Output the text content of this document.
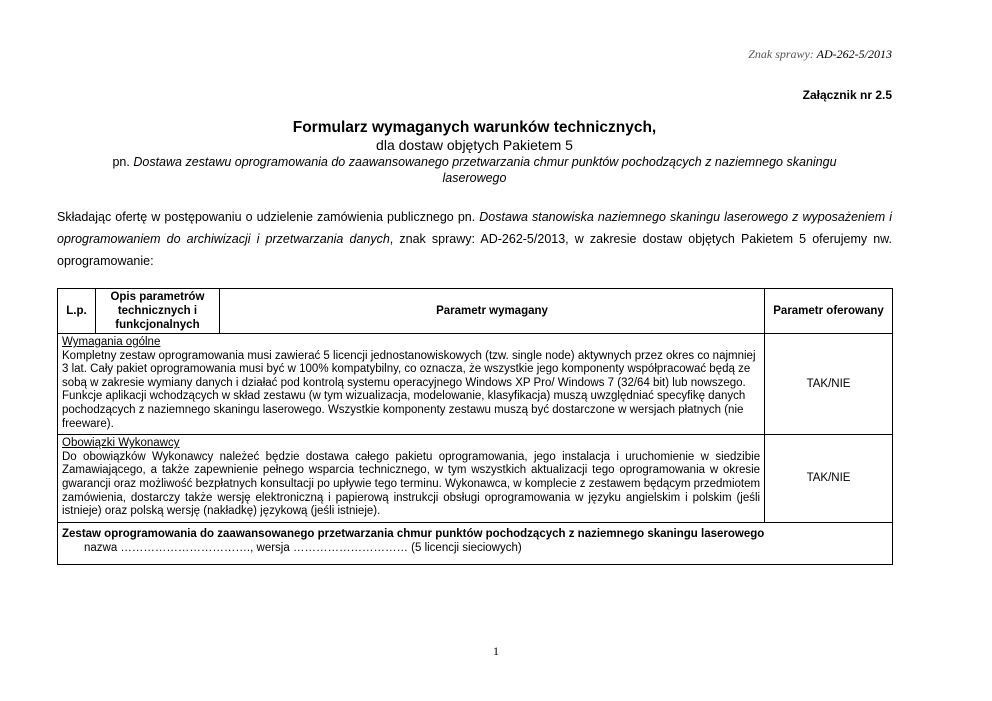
Znak sprawy: AD-262-5/2013
Załącznik nr 2.5
Formularz wymaganych warunków technicznych,
dla dostaw objętych Pakietem 5
pn. Dostawa zestawu oprogramowania do zaawansowanego przetwarzania chmur punktów pochodzących z naziemnego skaningu laserowego
Składając ofertę w postępowaniu o udzielenie zamówienia publicznego pn. Dostawa stanowiska naziemnego skaningu laserowego z wyposażeniem i oprogramowaniem do archiwizacji i przetwarzania danych, znak sprawy: AD-262-5/2013, w zakresie dostaw objętych Pakietem 5 oferujemy nw. oprogramowanie:
L.p.	Opis parametrów technicznych i funkcjonalnych	Parametr wymagany	Parametr oferowany

Wymagania ogólne
Kompletny zestaw oprogramowania musi zawierać 5 licencji jednostanowiskowych (tzw. single node) aktywnych przez okres co najmniej 3 lat. Cały pakiet oprogramowania musi być w 100% kompatybilny, co oznacza, że wszystkie jego komponenty współpracować będą ze sobą w zakresie wymiany danych i działać pod kontrolą systemu operacyjnego Windows XP Pro/ Windows 7 (32/64 bit) lub nowszego. Funkcje aplikacji wchodzących w skład zestawu (w tym wizualizacja, modelowanie, klasyfikacja) muszą uwzględniać specyfikę danych pochodzących z naziemnego skaningu laserowego. Wszystkie komponenty zestawu muszą być dostarczone w wersjach płatnych (nie freeware).			TAK/NIE

Obowiązki Wykonawcy
Do obowiązków Wykonawcy należeć będzie dostawa całego pakietu oprogramowania, jego instalacja i uruchomienie w siedzibie Zamawiającego, a także zapewnienie pełnego wsparcia technicznego, w tym wszystkich aktualizacji tego oprogramowania w okresie gwarancji oraz możliwość bezpłatnych konsultacji po upływie tego terminu. Wykonawca, w komplecie z zestawem będącym przedmiotem zamówienia, dostarczy także wersję elektroniczną i papierową instrukcji obsługi oprogramowania w języku angielskim i polskim (jeśli istnieje) oraz polską wersję (nakładkę) językową (jeśli istnieje).			TAK/NIE

Zestaw oprogramowania do zaawansowanego przetwarzania chmur punktów pochodzących z naziemnego skaningu laserowego
nazwa ……………………………., wersja ………………………… (5 licencji sieciowych)			
1
